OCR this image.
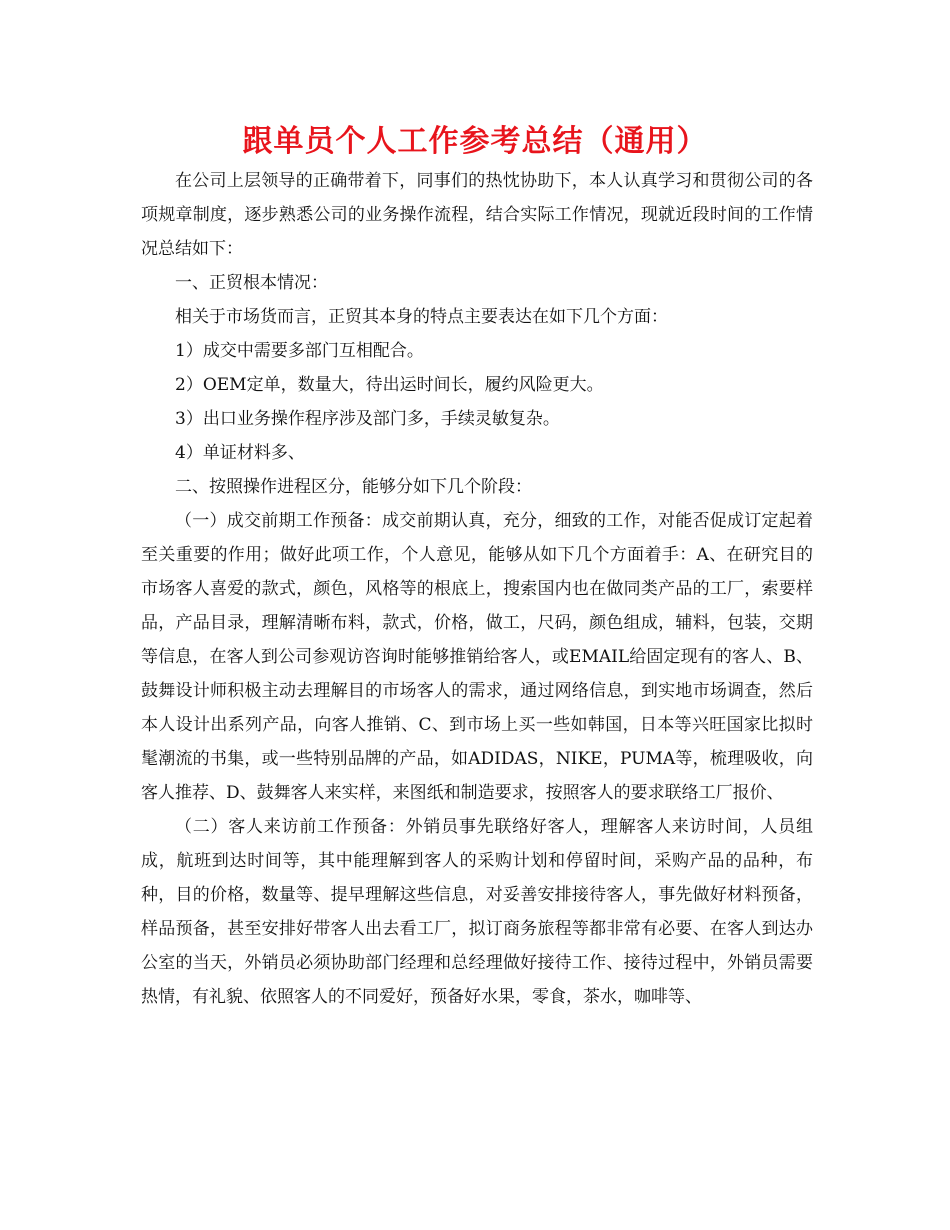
跟单员个人工作参考总结（通用）

在公司上层领导的正确带着下，同事们的热忱协助下，本人认真学习和贯彻公司的各项规章制度，逐步熟悉公司的业务操作流程，结合实际工作情况，现就近段时间的工作情况总结如下：

一、正贸根本情况：

相关于市场货而言，正贸其本身的特点主要表达在如下几个方面：

1）成交中需要多部门互相配合。

2）OEM定单，数量大，待出运时间长，履约风险更大。

3）出口业务操作程序涉及部门多，手续灵敏复杂。

4）单证材料多、

二、按照操作进程区分，能够分如下几个阶段：

（一）成交前期工作预备：成交前期认真，充分，细致的工作，对能否促成订定起着至关重要的作用；做好此项工作，个人意见，能够从如下几个方面着手：A、在研究目的市场客人喜爱的款式，颜色，风格等的根底上，搜索国内也在做同类产品的工厂，索要样品，产品目录，理解清晰布料，款式，价格，做工，尺码，颜色组成，辅料，包装，交期等信息，在客人到公司参观访咨询时能够推销给客人，或EMAIL给固定现有的客人、B、鼓舞设计师积极主动去理解目的市场客人的需求，通过网络信息，到实地市场调查，然后本人设计出系列产品，向客人推销、C、到市场上买一些如韩国，日本等兴旺国家比拟时髦潮流的书集，或一些特别品牌的产品，如ADIDAS，NIKE，PUMA等，梳理吸收，向客人推荐、D、鼓舞客人来实样，来图纸和制造要求，按照客人的要求联络工厂报价、

（二）客人来访前工作预备：外销员事先联络好客人，理解客人来访时间，人员组成，航班到达时间等，其中能理解到客人的采购计划和停留时间，采购产品的品种，布种，目的价格，数量等、提早理解这些信息，对妥善安排接待客人，事先做好材料预备，样品预备，甚至安排好带客人出去看工厂，拟订商务旅程等都非常有必要、在客人到达办公室的当天，外销员必须协助部门经理和总经理做好接待工作、接待过程中，外销员需要热情，有礼貌、依照客人的不同爱好，预备好水果，零食，茶水，咖啡等、
